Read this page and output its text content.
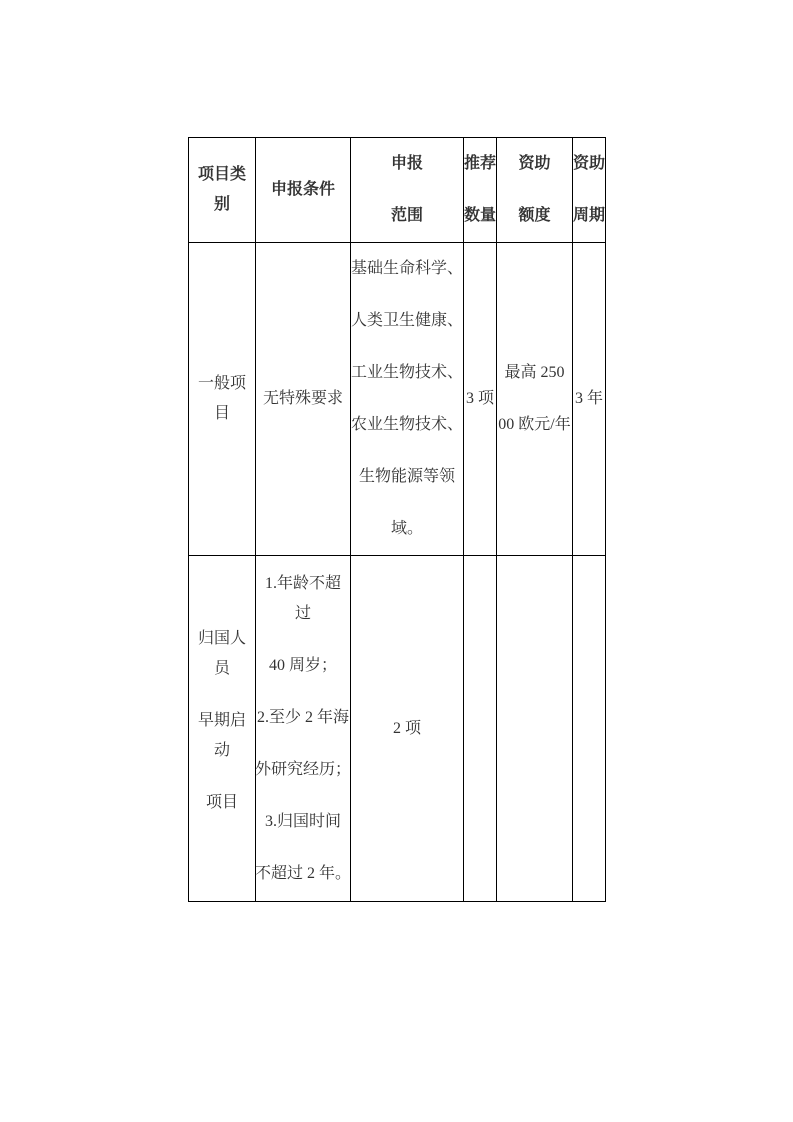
项目类
别
申报条件
申报
范围
推荐
数量
资助
额度
资助
周期
一般项
目
无特殊要求
基础生命科学、
人类卫生健康、
工业生物技术、
农业生物技术、
生物能源等领
域。
3 项
最高 250
00 欧元/年
3 年
归国人
员
早期启
动
项目
1.年龄不超
过
40 周岁；
2.至少 2 年海
外研究经历；
3.归国时间
不超过 2 年。
2 项
